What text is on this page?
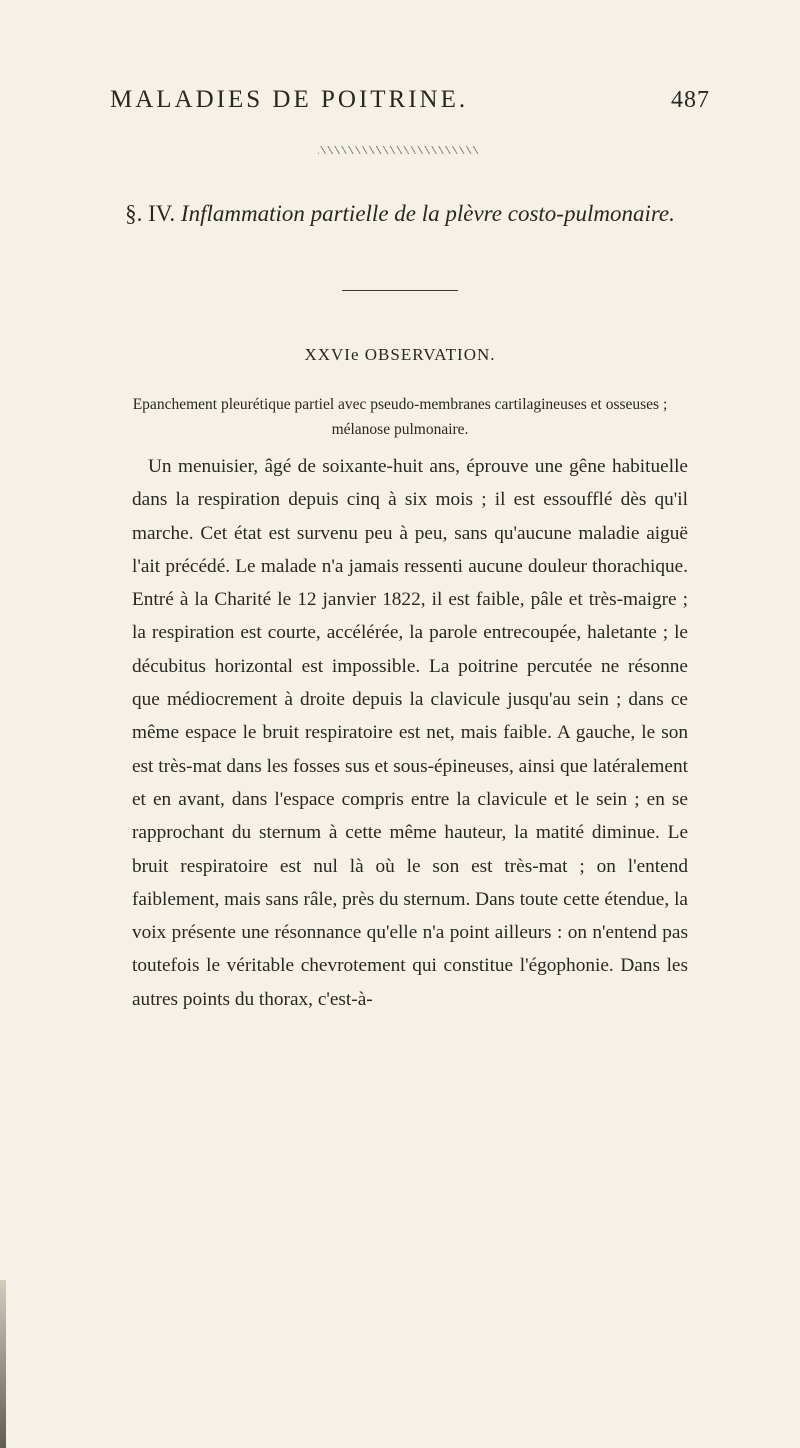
MALADIES DE POITRINE.	487
§. IV. Inflammation partielle de la plèvre costo-pulmonaire.
XXVIe OBSERVATION.
Epanchement pleurétique partiel avec pseudo-membranes cartilagineuses et osseuses ; mélanose pulmonaire.

Un menuisier, âgé de soixante-huit ans, éprouve une gêne habituelle dans la respiration depuis cinq à six mois ; il est essoufflé dès qu'il marche. Cet état est survenu peu à peu, sans qu'aucune maladie aiguë l'ait précédé. Le malade n'a jamais ressenti aucune douleur thorachique. Entré à la Charité le 12 janvier 1822, il est faible, pâle et très-maigre ; la respiration est courte, accélérée, la parole entrecoupée, haletante ; le décubitus horizontal est impossible. La poitrine percutée ne résonne que médiocrement à droite depuis la clavicule jusqu'au sein ; dans ce même espace le bruit respiratoire est net, mais faible. A gauche, le son est très-mat dans les fosses sus et sous-épineuses, ainsi que latéralement et en avant, dans l'espace compris entre la clavicule et le sein ; en se rapprochant du sternum à cette même hauteur, la matité diminue. Le bruit respiratoire est nul là où le son est très-mat ; on l'entend faiblement, mais sans râle, près du sternum. Dans toute cette étendue, la voix présente une résonnance qu'elle n'a point ailleurs : on n'entend pas toutefois le véritable chevrotement qui constitue l'égophonie. Dans les autres points du thorax, c'est-à-
